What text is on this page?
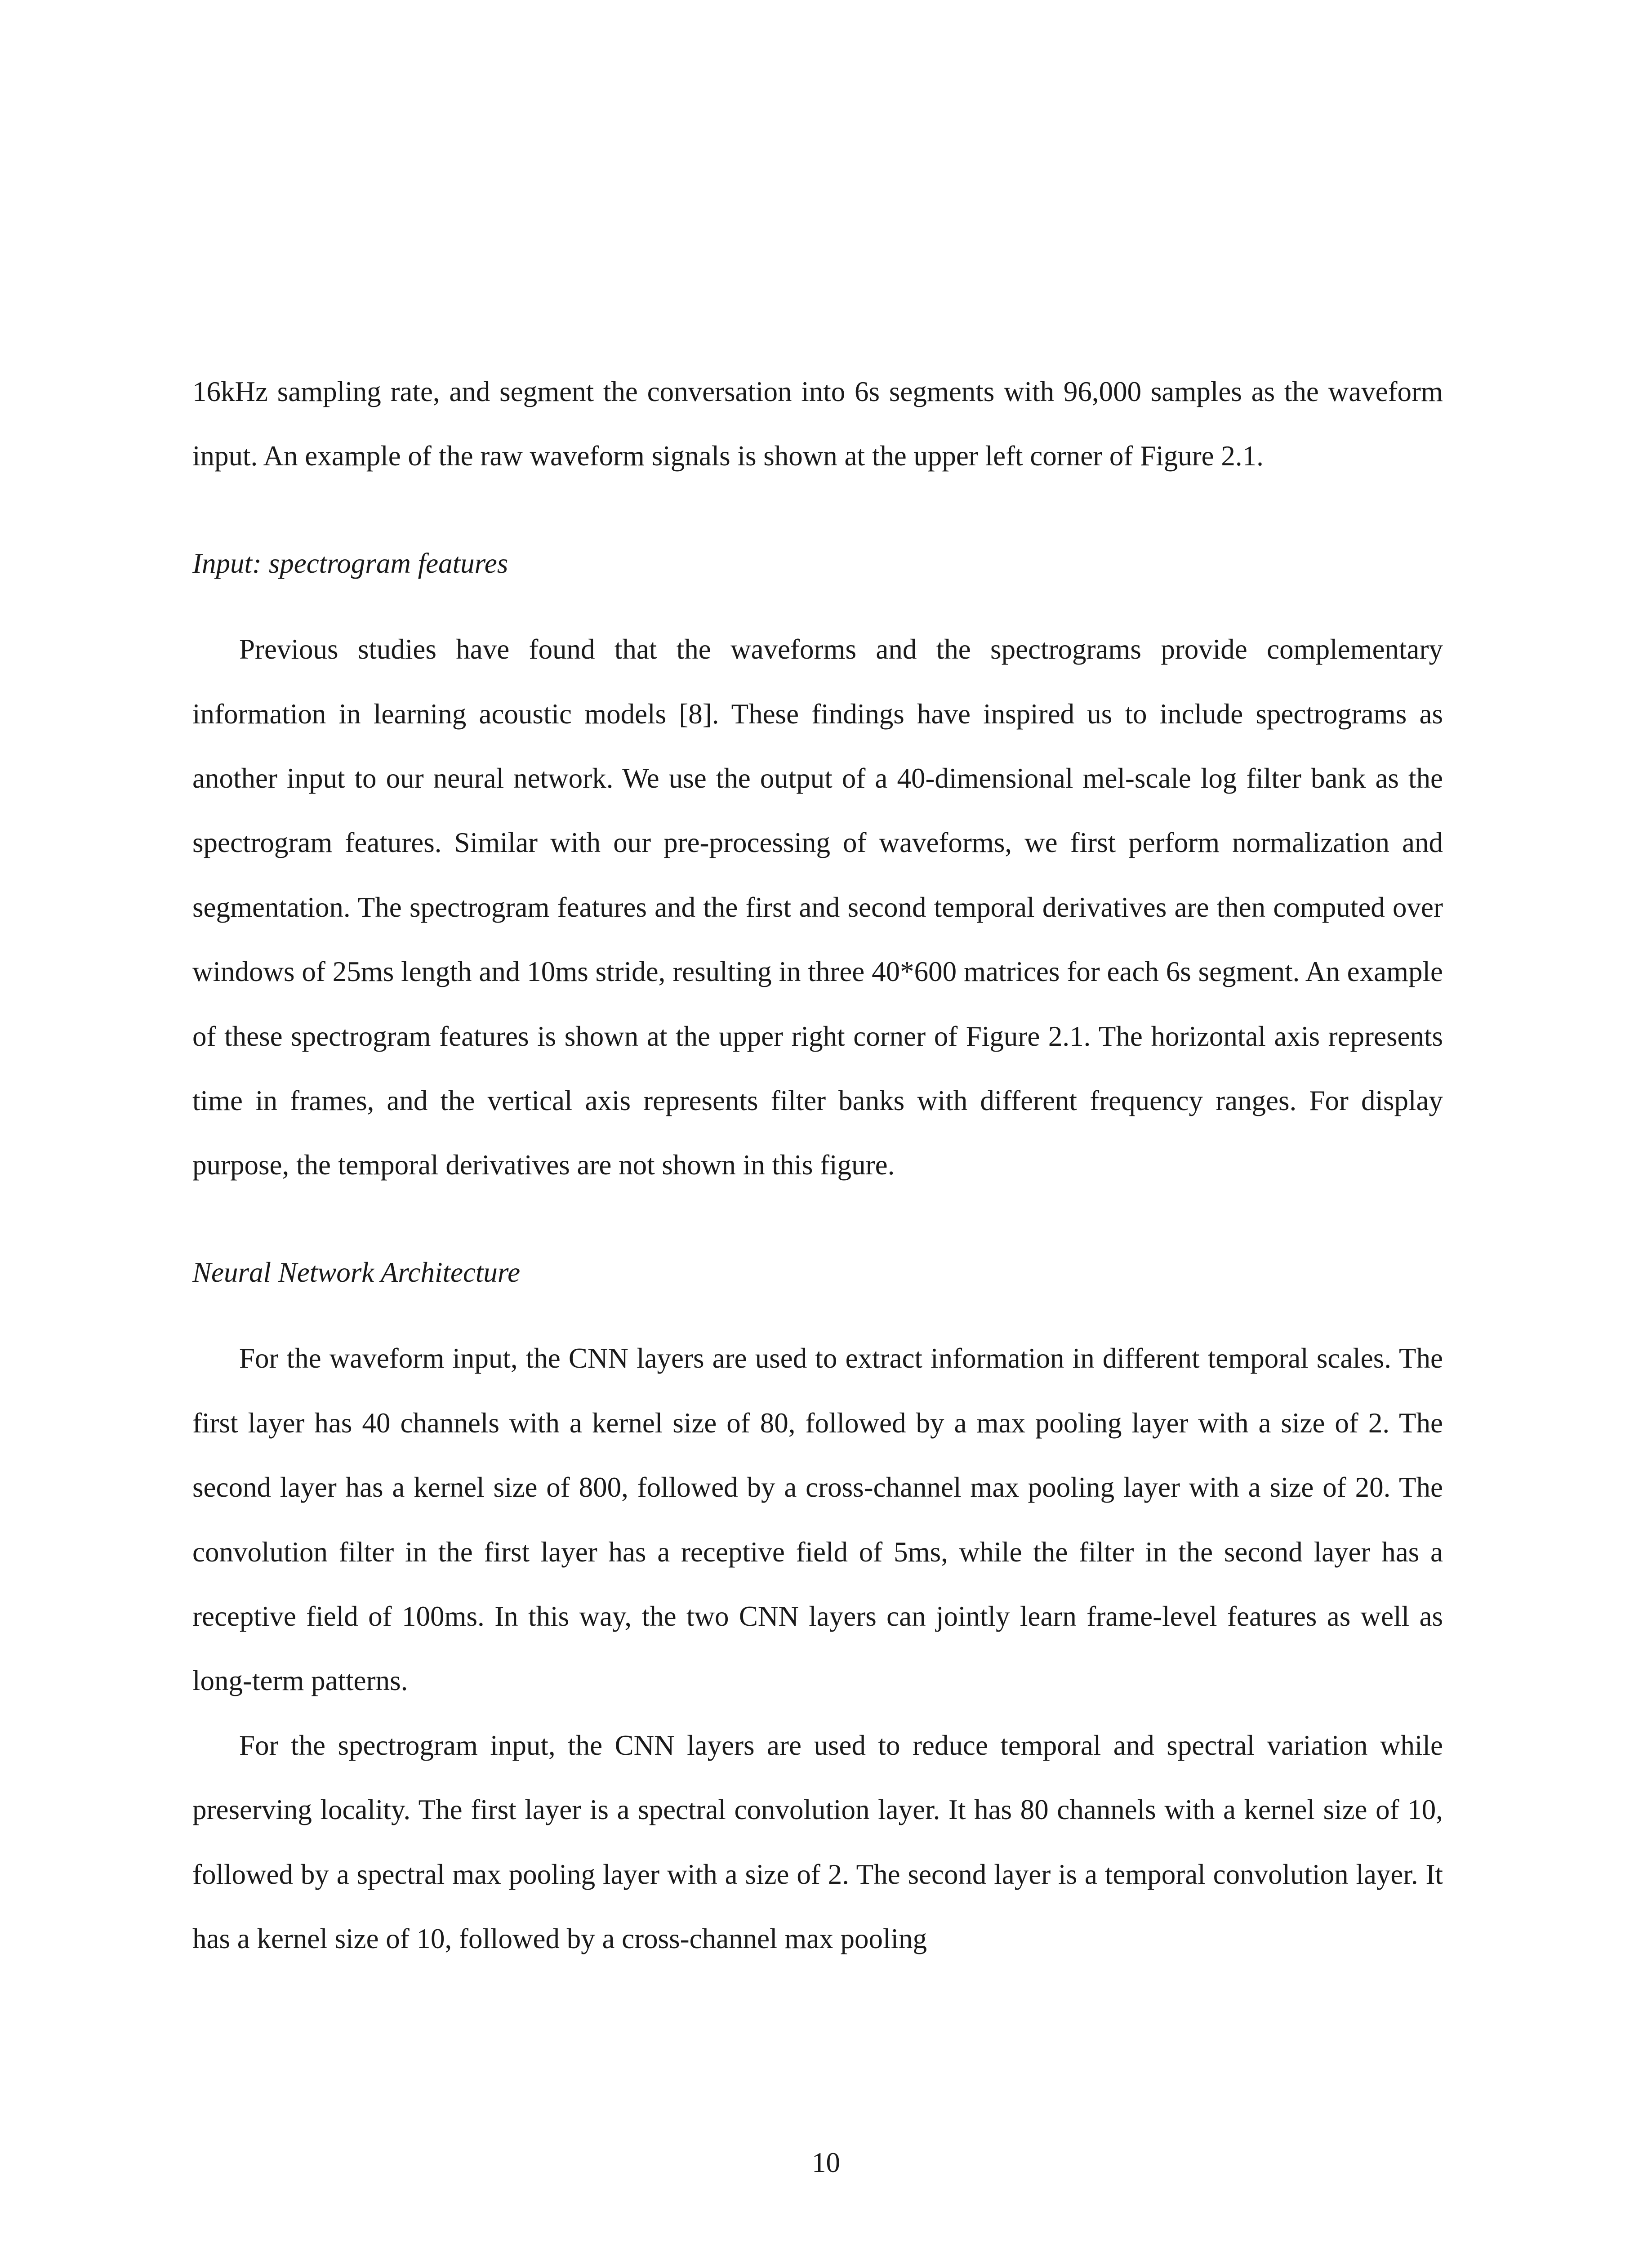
16kHz sampling rate, and segment the conversation into 6s segments with 96,000 samples as the waveform input. An example of the raw waveform signals is shown at the upper left corner of Figure 2.1.

Input: spectrogram features

Previous studies have found that the waveforms and the spectrograms provide complementary information in learning acoustic models [8]. These findings have inspired us to include spectrograms as another input to our neural network. We use the output of a 40-dimensional mel-scale log filter bank as the spectrogram features. Similar with our pre-processing of waveforms, we first perform normalization and segmentation. The spectrogram features and the first and second temporal derivatives are then computed over windows of 25ms length and 10ms stride, resulting in three 40*600 matrices for each 6s segment. An example of these spectrogram features is shown at the upper right corner of Figure 2.1. The horizontal axis represents time in frames, and the vertical axis represents filter banks with different frequency ranges. For display purpose, the temporal derivatives are not shown in this figure.

Neural Network Architecture

For the waveform input, the CNN layers are used to extract information in different temporal scales. The first layer has 40 channels with a kernel size of 80, followed by a max pooling layer with a size of 2. The second layer has a kernel size of 800, followed by a cross-channel max pooling layer with a size of 20. The convolution filter in the first layer has a receptive field of 5ms, while the filter in the second layer has a receptive field of 100ms. In this way, the two CNN layers can jointly learn frame-level features as well as long-term patterns.

For the spectrogram input, the CNN layers are used to reduce temporal and spectral variation while preserving locality. The first layer is a spectral convolution layer. It has 80 channels with a kernel size of 10, followed by a spectral max pooling layer with a size of 2. The second layer is a temporal convolution layer. It has a kernel size of 10, followed by a cross-channel max pooling

10
